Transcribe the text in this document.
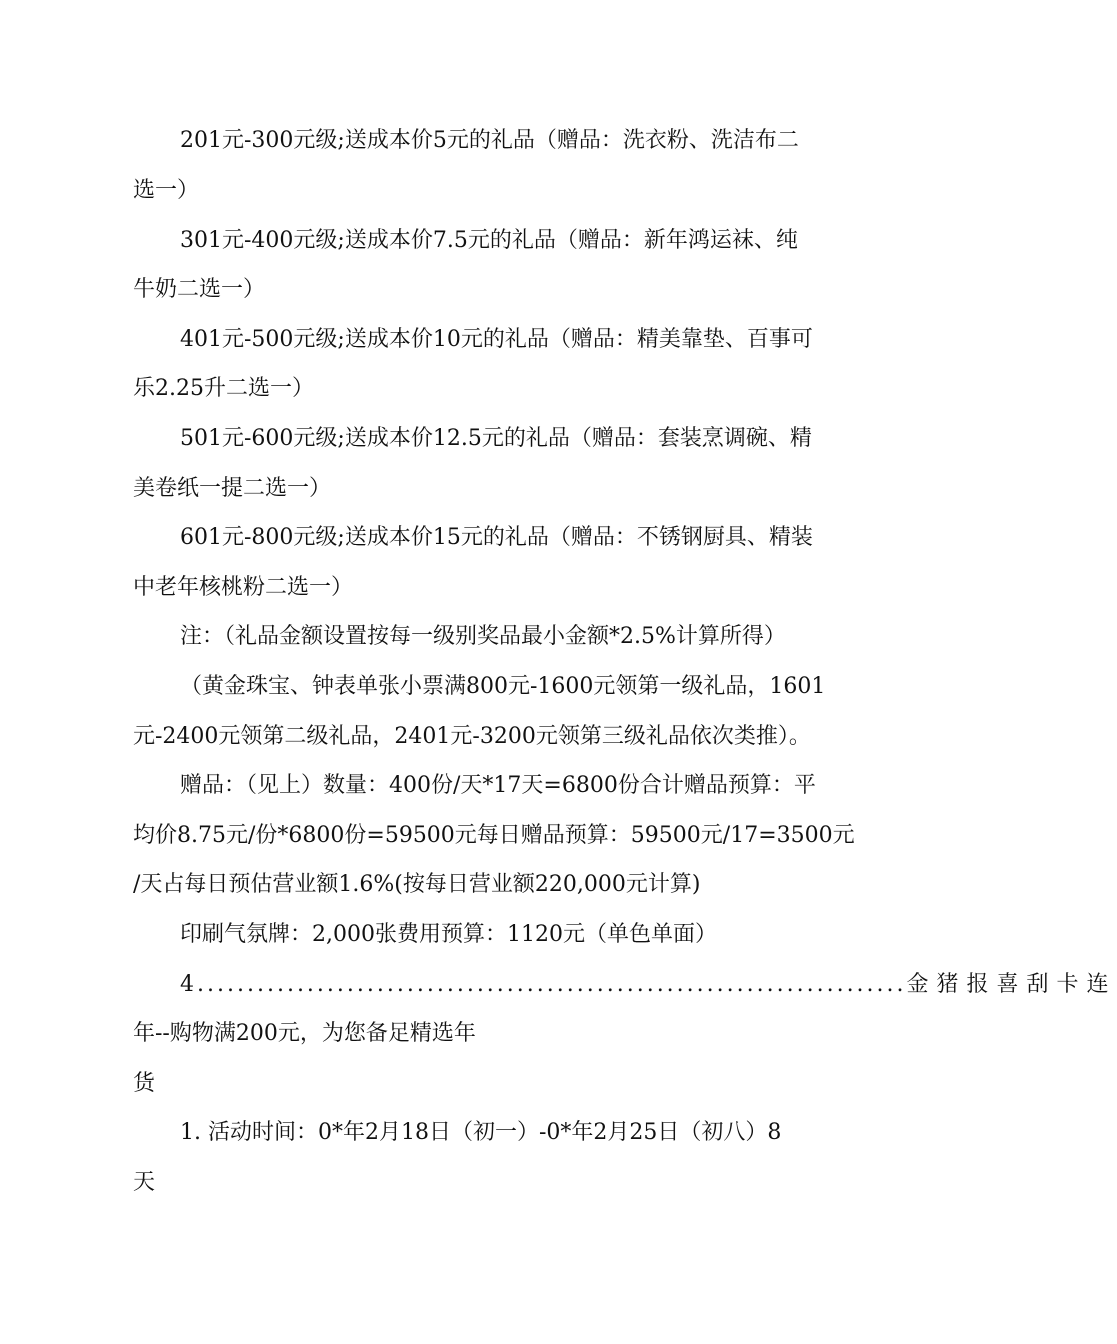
201元-300元级;送成本价5元的礼品（赠品：洗衣粉、洗洁布二
选一）
301元-400元级;送成本价7.5元的礼品（赠品：新年鸿运袜、纯
牛奶二选一）
401元-500元级;送成本价10元的礼品（赠品：精美靠垫、百事可
乐2.25升二选一）
501元-600元级;送成本价12.5元的礼品（赠品：套装烹调碗、精
美卷纸一提二选一）
601元-800元级;送成本价15元的礼品（赠品：不锈钢厨具、精装
中老年核桃粉二选一）
注：（礼品金额设置按每一级别奖品最小金额*2.5%计算所得）
（黄金珠宝、钟表单张小票满800元-1600元领第一级礼品，1601
元-2400元领第二级礼品，2401元-3200元领第三级礼品依次类推）。
赠品：（见上）数量：400份/天*17天=6800份合计赠品预算：平
均价8.75元/份*6800份=59500元每日赠品预算：59500元/17=3500元
/天占每日预估营业额1.6%(按每日营业额220,000元计算)
印刷气氛牌：2,000张费用预算：1120元（单色单面）
4....................................................................... 金猪报喜刮卡连
年--购物满200元，为您备足精选年
货
1. 活动时间：0*年2月18日（初一）-0*年2月25日（初八）8
天
